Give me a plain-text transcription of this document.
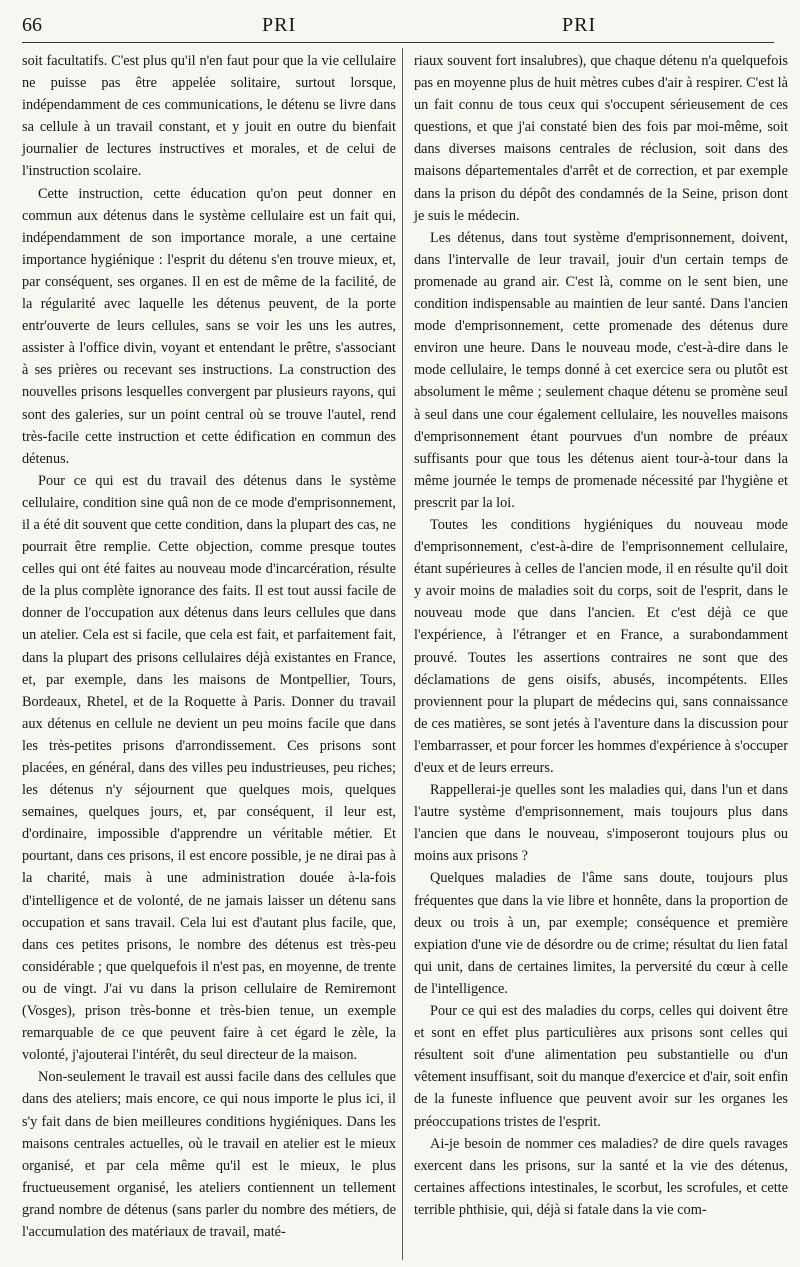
66	PRI	PRI

soit facultatifs. C'est plus qu'il n'en faut pour que la vie cellulaire ne puisse pas être appelée solitaire, surtout lorsque, indépendamment de ces communications, le détenu se livre dans sa cellule à un travail constant, et y jouit en outre du bienfait journalier de lectures instructives et morales, et de celui de l'instruction scolaire.

Cette instruction, cette éducation qu'on peut donner en commun aux détenus dans le système cellulaire est un fait qui, indépendamment de son importance morale, a une certaine importance hygiénique : l'esprit du détenu s'en trouve mieux, et, par conséquent, ses organes. Il en est de même de la facilité, de la régularité avec laquelle les détenus peuvent, de la porte entr'ouverte de leurs cellules, sans se voir les uns les autres, assister à l'office divin, voyant et entendant le prêtre, s'associant à ses prières ou recevant ses instructions. La construction des nouvelles prisons lesquelles convergent par plusieurs rayons, qui sont des galeries, sur un point central où se trouve l'autel, rend très-facile cette instruction et cette édification en commun des détenus.

Pour ce qui est du travail des détenus dans le système cellulaire, condition sine quâ non de ce mode d'emprisonnement, il a été dit souvent que cette condition, dans la plupart des cas, ne pourrait être remplie. Cette objection, comme presque toutes celles qui ont été faites au nouveau mode d'incarcération, résulte de la plus complète ignorance des faits. Il est tout aussi facile de donner de l'occupation aux détenus dans leurs cellules que dans un atelier. Cela est si facile, que cela est fait, et parfaitement fait, dans la plupart des prisons cellulaires déjà existantes en France, et, par exemple, dans les maisons de Montpellier, Tours, Bordeaux, Rhetel, et de la Roquette à Paris. Donner du travail aux détenus en cellule ne devient un peu moins facile que dans les très-petites prisons d'arrondissement. Ces prisons sont placées, en général, dans des villes peu industrieuses, peu riches; les détenus n'y séjournent que quelques mois, quelques semaines, quelques jours, et, par conséquent, il leur est, d'ordinaire, impossible d'apprendre un véritable métier. Et pourtant, dans ces prisons, il est encore possible, je ne dirai pas à la charité, mais à une administration douée à-la-fois d'intelligence et de volonté, de ne jamais laisser un détenu sans occupation et sans travail. Cela lui est d'autant plus facile, que, dans ces petites prisons, le nombre des détenus est très-peu considérable ; que quelquefois il n'est pas, en moyenne, de trente ou de vingt. J'ai vu dans la prison cellulaire de Remiremont (Vosges), prison très-bonne et très-bien tenue, un exemple remarquable de ce que peuvent faire à cet égard le zèle, la volonté, j'ajouterai l'intérêt, du seul directeur de la maison.

Non-seulement le travail est aussi facile dans des cellules que dans des ateliers; mais encore, ce qui nous importe le plus ici, il s'y fait dans de bien meilleures conditions hygiéniques. Dans les maisons centrales actuelles, où le travail en atelier est le mieux organisé, et par cela même qu'il est le mieux, le plus fructueusement organisé, les ateliers contiennent un tellement grand nombre de détenus (sans parler du nombre des métiers, de l'accumulation des matériaux de travail, maté-

riaux souvent fort insalubres), que chaque détenu n'a quelquefois pas en moyenne plus de huit mètres cubes d'air à respirer. C'est là un fait connu de tous ceux qui s'occupent sérieusement de ces questions, et que j'ai constaté bien des fois par moi-même, soit dans diverses maisons centrales de réclusion, soit dans des maisons départementales d'arrêt et de correction, et par exemple dans la prison du dépôt des condamnés de la Seine, prison dont je suis le médecin.

Les détenus, dans tout système d'emprisonnement, doivent, dans l'intervalle de leur travail, jouir d'un certain temps de promenade au grand air. C'est là, comme on le sent bien, une condition indispensable au maintien de leur santé. Dans l'ancien mode d'emprisonnement, cette promenade des détenus dure environ une heure. Dans le nouveau mode, c'est-à-dire dans le mode cellulaire, le temps donné à cet exercice sera ou plutôt est absolument le même ; seulement chaque détenu se promène seul à seul dans une cour également cellulaire, les nouvelles maisons d'emprisonnement étant pourvues d'un nombre de préaux suffisants pour que tous les détenus aient tour-à-tour dans la même journée le temps de promenade nécessité par l'hygiène et prescrit par la loi.

Toutes les conditions hygiéniques du nouveau mode d'emprisonnement, c'est-à-dire de l'emprisonnement cellulaire, étant supérieures à celles de l'ancien mode, il en résulte qu'il doit y avoir moins de maladies soit du corps, soit de l'esprit, dans le nouveau mode que dans l'ancien. Et c'est déjà ce que l'expérience, à l'étranger et en France, a surabondamment prouvé. Toutes les assertions contraires ne sont que des déclamations de gens oisifs, abusés, incompétents. Elles proviennent pour la plupart de médecins qui, sans connaissance de ces matières, se sont jetés à l'aventure dans la discussion pour l'embarrasser, et pour forcer les hommes d'expérience à s'occuper d'eux et de leurs erreurs.

Rappellerai-je quelles sont les maladies qui, dans l'un et dans l'autre système d'emprisonnement, mais toujours plus dans l'ancien que dans le nouveau, s'imposeront toujours plus ou moins aux prisons ?

Quelques maladies de l'âme sans doute, toujours plus fréquentes que dans la vie libre et honnête, dans la proportion de deux ou trois à un, par exemple; conséquence et première expiation d'une vie de désordre ou de crime; résultat du lien fatal qui unit, dans de certaines limites, la perversité du cœur à celle de l'intelligence.

Pour ce qui est des maladies du corps, celles qui doivent être et sont en effet plus particulières aux prisons sont celles qui résultent soit d'une alimentation peu substantielle ou d'un vêtement insuffisant, soit du manque d'exercice et d'air, soit enfin de la funeste influence que peuvent avoir sur les organes les préoccupations tristes de l'esprit.

Ai-je besoin de nommer ces maladies? de dire quels ravages exercent dans les prisons, sur la santé et la vie des détenus, certaines affections intestinales, le scorbut, les scrofules, et cette terrible phthisie, qui, déjà si fatale dans la vie com-
